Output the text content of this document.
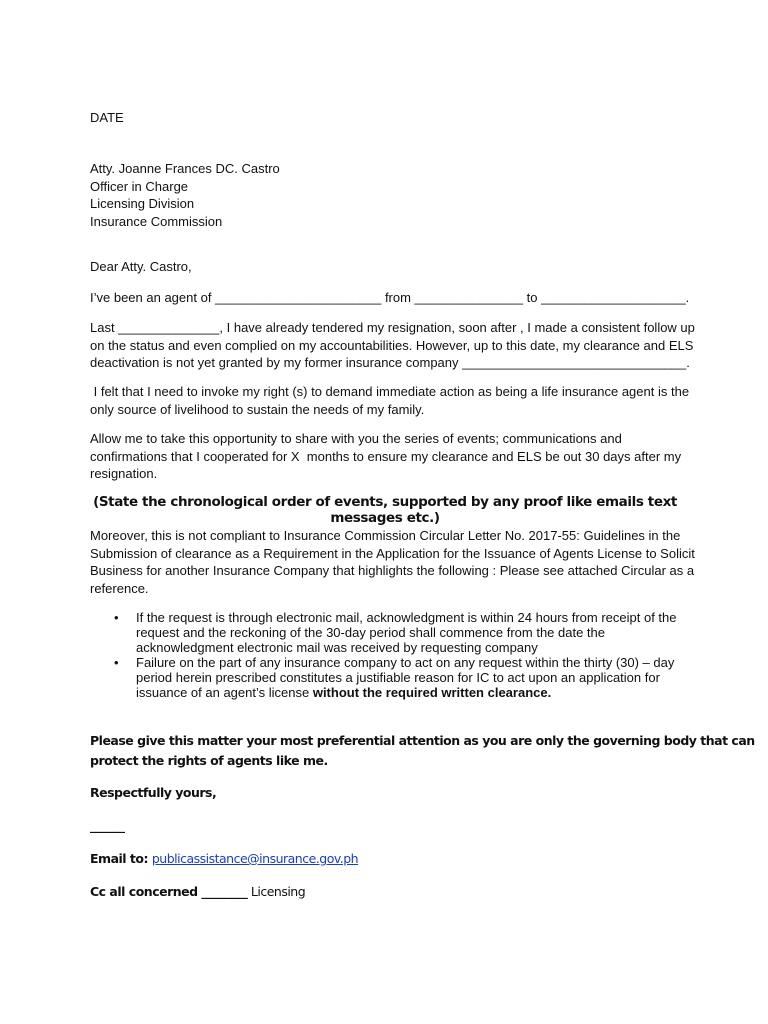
DATE
Atty. Joanne Frances DC. Castro
Officer in Charge
Licensing Division
Insurance Commission
Dear Atty. Castro,
I’ve been an agent of _______________________ from _______________ to ____________________.
Last ______________, I have already tendered my resignation, soon after , I made a consistent follow up
on the status and even complied on my accountabilities. However, up to this date, my clearance and ELS
deactivation is not yet granted by my former insurance company _______________________________.
I felt that I need to invoke my right (s) to demand immediate action as being a life insurance agent is the
only source of livelihood to sustain the needs of my family.
Allow me to take this opportunity to share with you the series of events; communications and
confirmations that I cooperated for X  months to ensure my clearance and ELS be out 30 days after my
resignation.
(State the chronological order of events, supported by any proof like emails text messages etc.)
Moreover, this is not compliant to Insurance Commission Circular Letter No. 2017-55: Guidelines in the
Submission of clearance as a Requirement in the Application for the Issuance of Agents License to Solicit
Business for another Insurance Company that highlights the following : Please see attached Circular as a
reference.
• If the request is through electronic mail, acknowledgment is within 24 hours from receipt of the
request and the reckoning of the 30-day period shall commence from the date the
acknowledgment electronic mail was received by requesting company
• Failure on the part of any insurance company to act on any request within the thirty (30) – day
period herein prescribed constitutes a justifiable reason for IC to act upon an application for
issuance of an agent’s license without the required written clearance.
Please give this matter your most preferential attention as you are only the governing body that can
protect the rights of agents like me.
Respectfully yours,
______
Email to: publicassistance@insurance.gov.ph
Cc all concerned ________ Licensing
